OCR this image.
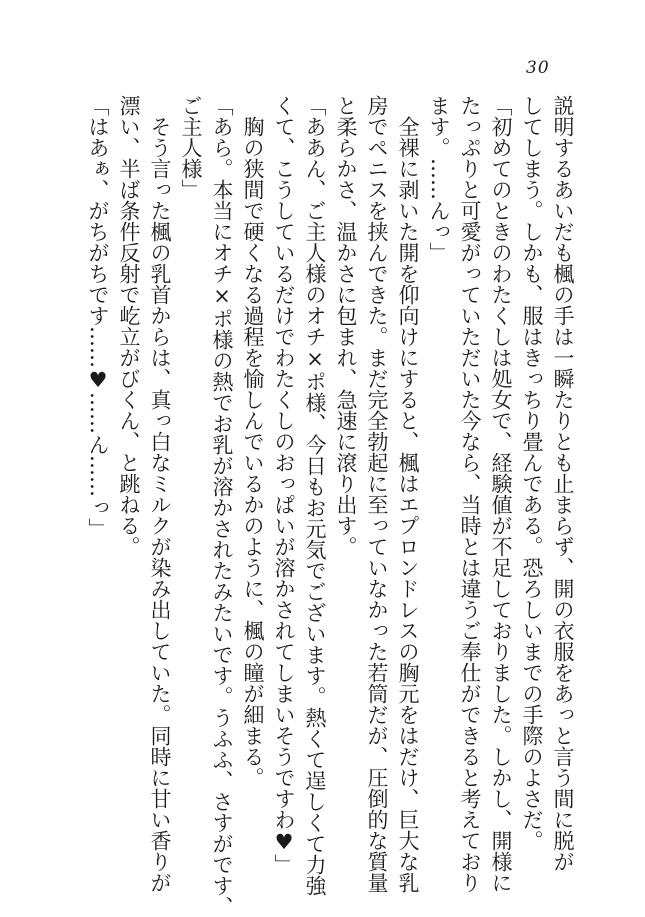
30
説明するあいだも楓の手は一瞬たりとも止まらず、開の衣服をあっと言う間に脱が
してしまう。しかも、服はきっちり畳んである。恐ろしいまでの手際のよさだ。
「初めてのときのわたくしは処女で、経験値が不足しておりました。しかし、開様に
たっぷりと可愛がっていただいた今なら、当時とは違うご奉仕ができると考えており
ます。……んっ」
　全裸に剥いた開を仰向けにすると、楓はエプロンドレスの胸元をはだけ、巨大な乳
房でペニスを挟んできた。まだ完全勃起に至っていなかった若筒だが、圧倒的な質量
と柔らかさ、温かさに包まれ、急速に滾り出す。
「ああん、ご主人様のオチ×ポ様、今日もお元気でございます。熱くて逞しくて力強
くて、こうしているだけでわたくしのおっぱいが溶かされてしまいそうですわ♥」
　胸の狭間で硬くなる過程を愉しんでいるかのように、楓の瞳が細まる。
「あら。本当にオチ×ポ様の熱でお乳が溶かされたみたいです。うふふ、さすがです、
ご主人様」
　そう言った楓の乳首からは、真っ白なミルクが染み出していた。同時に甘い香りが
漂い、半ば条件反射で屹立がびくん、と跳ねる。
「はあぁ、がちがちです……♥……ん……っ」
